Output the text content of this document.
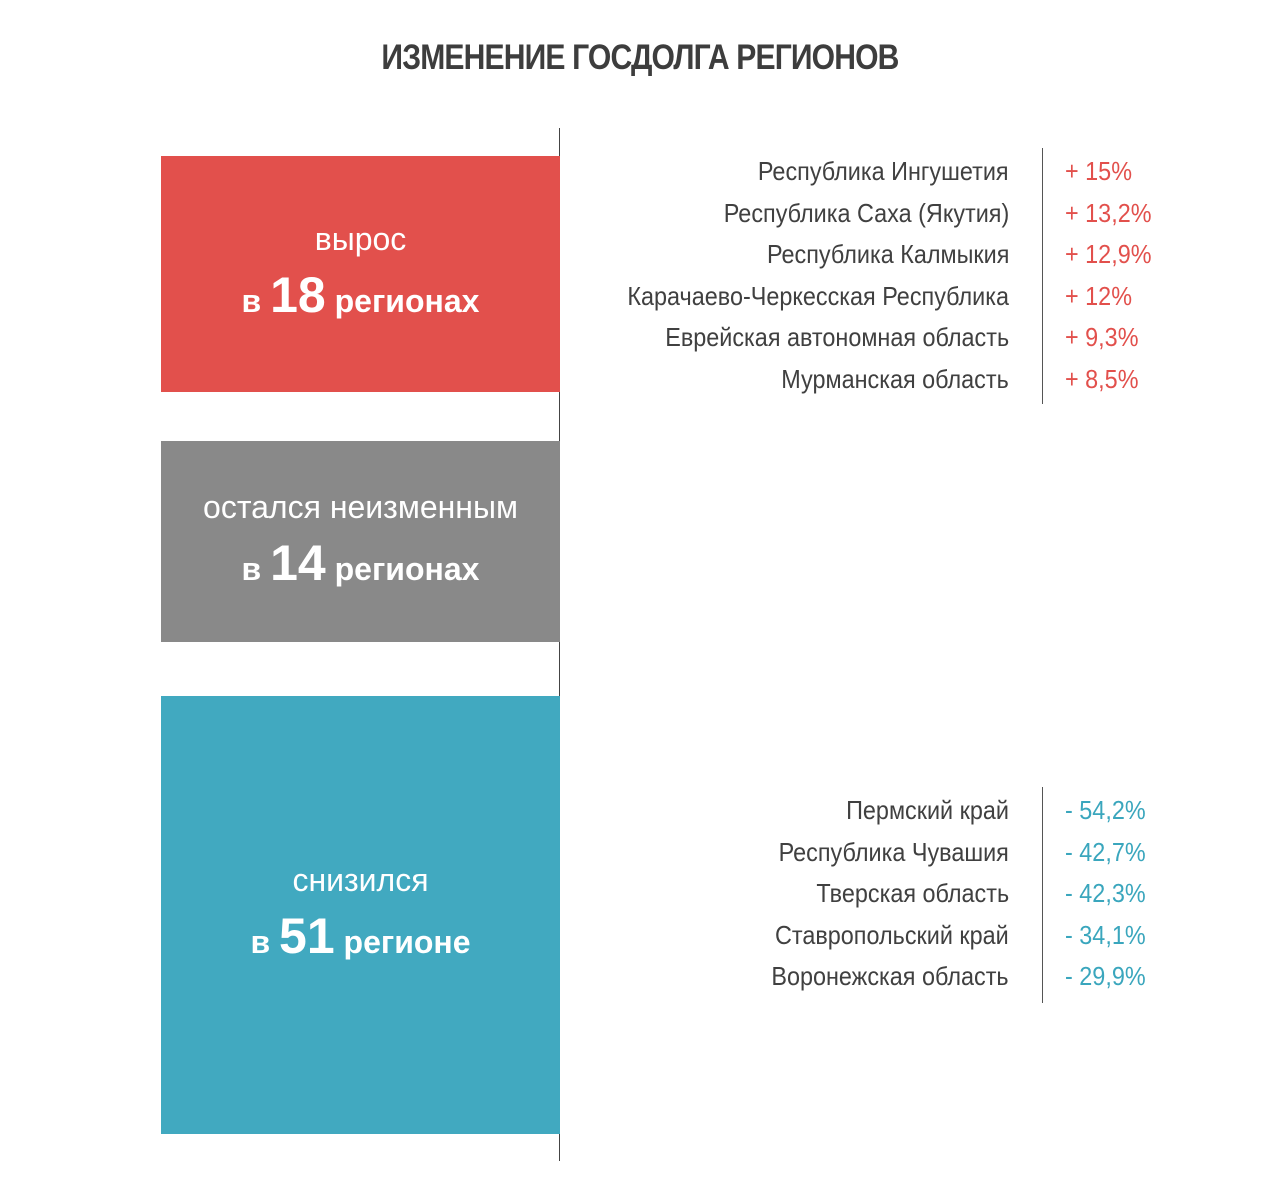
ИЗМЕНЕНИЕ ГОСДОЛГА РЕГИОНОВ
вырос
в 18 регионах
остался неизменным
в 14 регионах
снизился
в 51 регионе
Республика Ингушетия + 15%
Республика Саха (Якутия) + 13,2%
Республика Калмыкия + 12,9%
Карачаево-Черкесская Республика + 12%
Еврейская автономная область + 9,3%
Мурманская область + 8,5%
Пермский край - 54,2%
Республика Чувашия - 42,7%
Тверская область - 42,3%
Ставропольский край - 34,1%
Воронежская область - 29,9%
